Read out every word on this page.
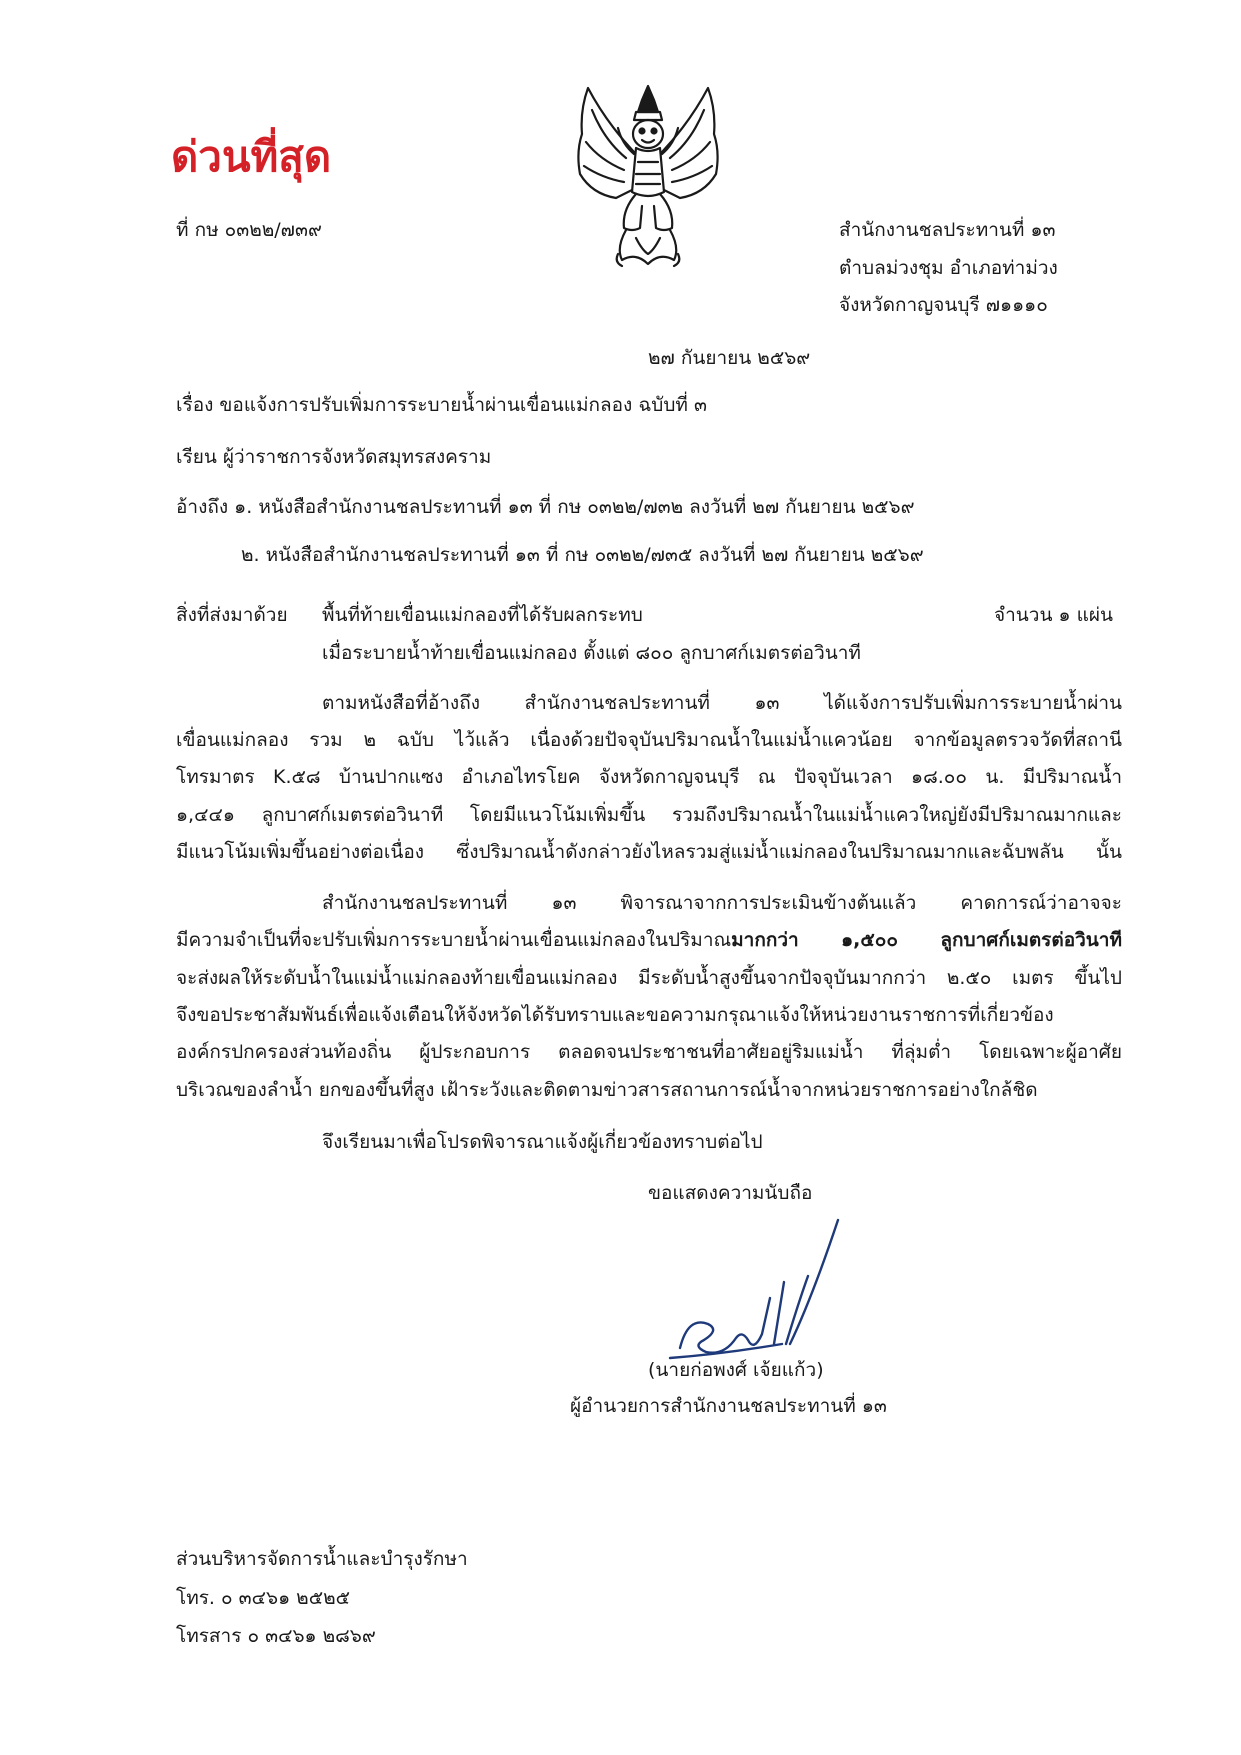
ด่วนที่สุด
ที่ กษ ๐๓๒๒/๗๓๙	สำนักงานชลประทานที่ ๑๓
ตำบลม่วงชุม อำเภอท่าม่วง
จังหวัดกาญจนบุรี ๗๑๑๑๐
๒๗ กันยายน ๒๕๖๙
เรื่อง ขอแจ้งการปรับเพิ่มการระบายน้ำผ่านเขื่อนแม่กลอง ฉบับที่ ๓
เรียน ผู้ว่าราชการจังหวัดสมุทรสงคราม
อ้างถึง ๑. หนังสือสำนักงานชลประทานที่ ๑๓ ที่ กษ ๐๓๒๒/๗๓๒ ลงวันที่ ๒๗ กันยายน ๒๕๖๙
๒. หนังสือสำนักงานชลประทานที่ ๑๓ ที่ กษ ๐๓๒๒/๗๓๕ ลงวันที่ ๒๗ กันยายน ๒๕๖๙
สิ่งที่ส่งมาด้วย พื้นที่ท้ายเขื่อนแม่กลองที่ได้รับผลกระทบ
เมื่อระบายน้ำท้ายเขื่อนแม่กลอง ตั้งแต่ ๘๐๐ ลูกบาศก์เมตรต่อวินาที
จำนวน ๑ แผ่น
ตามหนังสือที่อ้างถึง สำนักงานชลประทานที่ ๑๓ ได้แจ้งการปรับเพิ่มการระบายน้ำผ่าน
เขื่อนแม่กลอง รวม ๒ ฉบับ ไว้แล้ว เนื่องด้วยปัจจุบันปริมาณน้ำในแม่น้ำแควน้อย จากข้อมูลตรวจวัดที่สถานี
โทรมาตร K.๕๘ บ้านปากแซง อำเภอไทรโยค จังหวัดกาญจนบุรี ณ ปัจจุบันเวลา ๑๘.๐๐ น. มีปริมาณน้ำ
๑,๔๔๑ ลูกบาศก์เมตรต่อวินาที โดยมีแนวโน้มเพิ่มขึ้น รวมถึงปริมาณน้ำในแม่น้ำแควใหญ่ยังมีปริมาณมากและ
มีแนวโน้มเพิ่มขึ้นอย่างต่อเนื่อง ซึ่งปริมาณน้ำดังกล่าวยังไหลรวมสู่แม่น้ำแม่กลองในปริมาณมากและฉับพลัน นั้น
สำนักงานชลประทานที่ ๑๓ พิจารณาจากการประเมินข้างต้นแล้ว คาดการณ์ว่าอาจจะ
มีความจำเป็นที่จะปรับเพิ่มการระบายน้ำผ่านเขื่อนแม่กลองในปริมาณมากกว่า ๑,๕๐๐ ลูกบาศก์เมตรต่อวินาที
จะส่งผลให้ระดับน้ำในแม่น้ำแม่กลองท้ายเขื่อนแม่กลอง มีระดับน้ำสูงขึ้นจากปัจจุบันมากกว่า ๒.๕๐ เมตร ขึ้นไป
จึงขอประชาสัมพันธ์เพื่อแจ้งเตือนให้จังหวัดได้รับทราบและขอความกรุณาแจ้งให้หน่วยงานราชการที่เกี่ยวข้อง
องค์กรปกครองส่วนท้องถิ่น ผู้ประกอบการ ตลอดจนประชาชนที่อาศัยอยู่ริมแม่น้ำ ที่ลุ่มต่ำ โดยเฉพาะผู้อาศัย
บริเวณของลำน้ำ ยกของขึ้นที่สูง เฝ้าระวังและติดตามข่าวสารสถานการณ์น้ำจากหน่วยราชการอย่างใกล้ชิด
จึงเรียนมาเพื่อโปรดพิจารณาแจ้งผู้เกี่ยวข้องทราบต่อไป
ขอแสดงความนับถือ
(นายก่อพงศ์ เจ้ยแก้ว)
ผู้อำนวยการสำนักงานชลประทานที่ ๑๓
ส่วนบริหารจัดการน้ำและบำรุงรักษา
โทร. ๐ ๓๔๖๑ ๒๕๒๕
โทรสาร ๐ ๓๔๖๑ ๒๘๖๙
